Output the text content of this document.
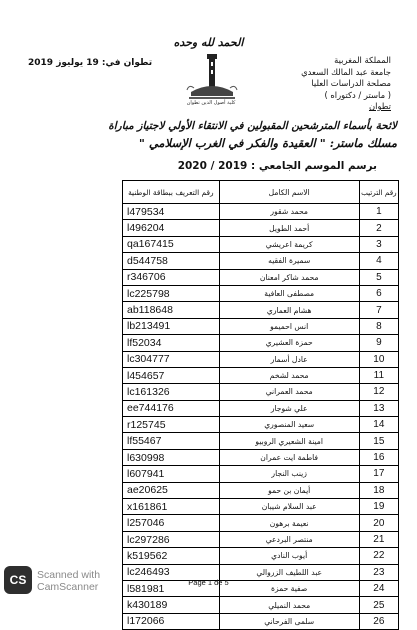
الحمد لله وحده
تطوان في: 19 يوليوز 2019	المملكة المغربية
جامعة عبد المالك السعدي
مصلحة الدراسات العليا
( ماستر / دكتوراه )
تطوان
كلية أصول الدين تطوان
لائحة بأسماء المترشحين المقبولين في الانتقاء الأولي لاجتياز مباراة
مسلك ماستر: " العقيدة والفكر في الغرب الإسلامي "
برسم الموسم الجامعي : 2019 / 2020
رقم التعريف ببطاقة الوطنية	الاسم الكامل	رقم الترتيب
l479534	محمد شقور	1
l496204	أحمد الطويل	2
qa167415	كريمة اعريشي	3
d544758	سميرة الفقيه	4
r346706	محمد شاكر امعنان	5
lc225798	مصطفى العافية	6
ab118648	هشام العماري	7
lb213491	انس احميمو	8
lf52034	حمزة العشيري	9
lc304777	عادل أسمار	10
l454657	محمد لشخم	11
lc161326	محمد العمراني	12
ee744176	علي شوجار	13
r125745	سعيد المنصوري	14
lf55467	امينة الشعيري الروبيو	15
l630998	فاطمة ايت عمران	16
l607941	زينب النجار	17
ae20625	أيمان بن حمو	18
x161861	عبد السلام شيبان	19
l257046	نعيمة برهون	20
lc297286	منتصر البردعي	21
k519562	أيوب النادي	22
lc246493	عبد اللطيف الزروالي	23
l581981	صفية حمزة	24
k430189	محمد النميلي	25
l172066	سلمى الفرحاني	26
CS	Scanned with
CamScanner	Page 1 de 5
